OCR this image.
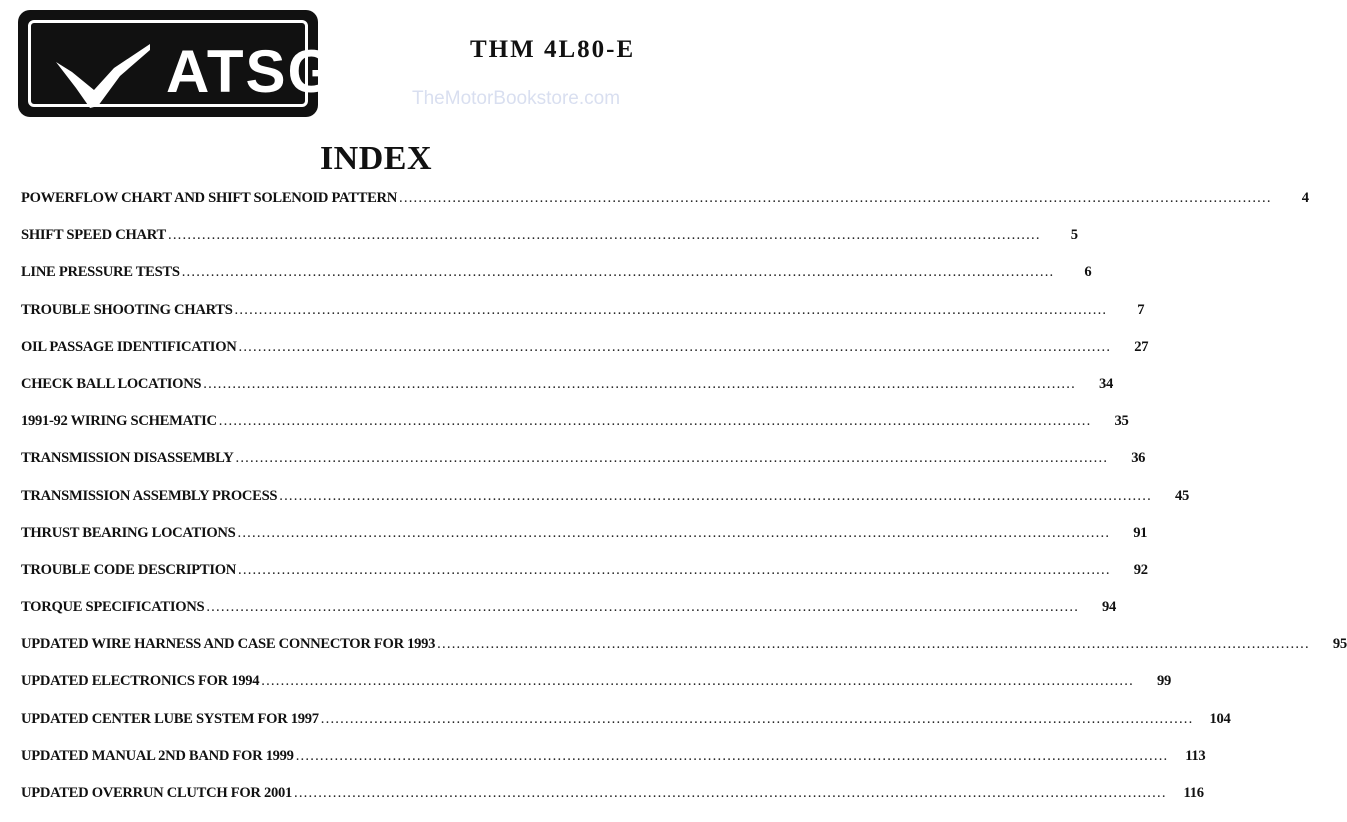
ATSG	THM 4L80-E
TheMotorBookstore.com
INDEX
POWERFLOW CHART AND SHIFT SOLENOID PATTERN .....	4
SHIFT SPEED CHART .....	5
LINE PRESSURE TESTS .....	6
TROUBLE SHOOTING CHARTS .....	7
OIL PASSAGE IDENTIFICATION .....	27
CHECK BALL LOCATIONS .....	34
1991-92 WIRING SCHEMATIC .....	35
TRANSMISSION DISASSEMBLY .....	36
TRANSMISSION ASSEMBLY PROCESS .....	45
THRUST BEARING LOCATIONS .....	91
TROUBLE CODE DESCRIPTION .....	92
TORQUE SPECIFICATIONS .....	94
UPDATED WIRE HARNESS AND CASE CONNECTOR FOR 1993 .....	95
UPDATED ELECTRONICS FOR 1994 .....	99
UPDATED CENTER LUBE SYSTEM FOR 1997 .....	104
UPDATED MANUAL 2ND BAND FOR 1999 .....	113
UPDATED OVERRUN CLUTCH FOR 2001 .....	116
